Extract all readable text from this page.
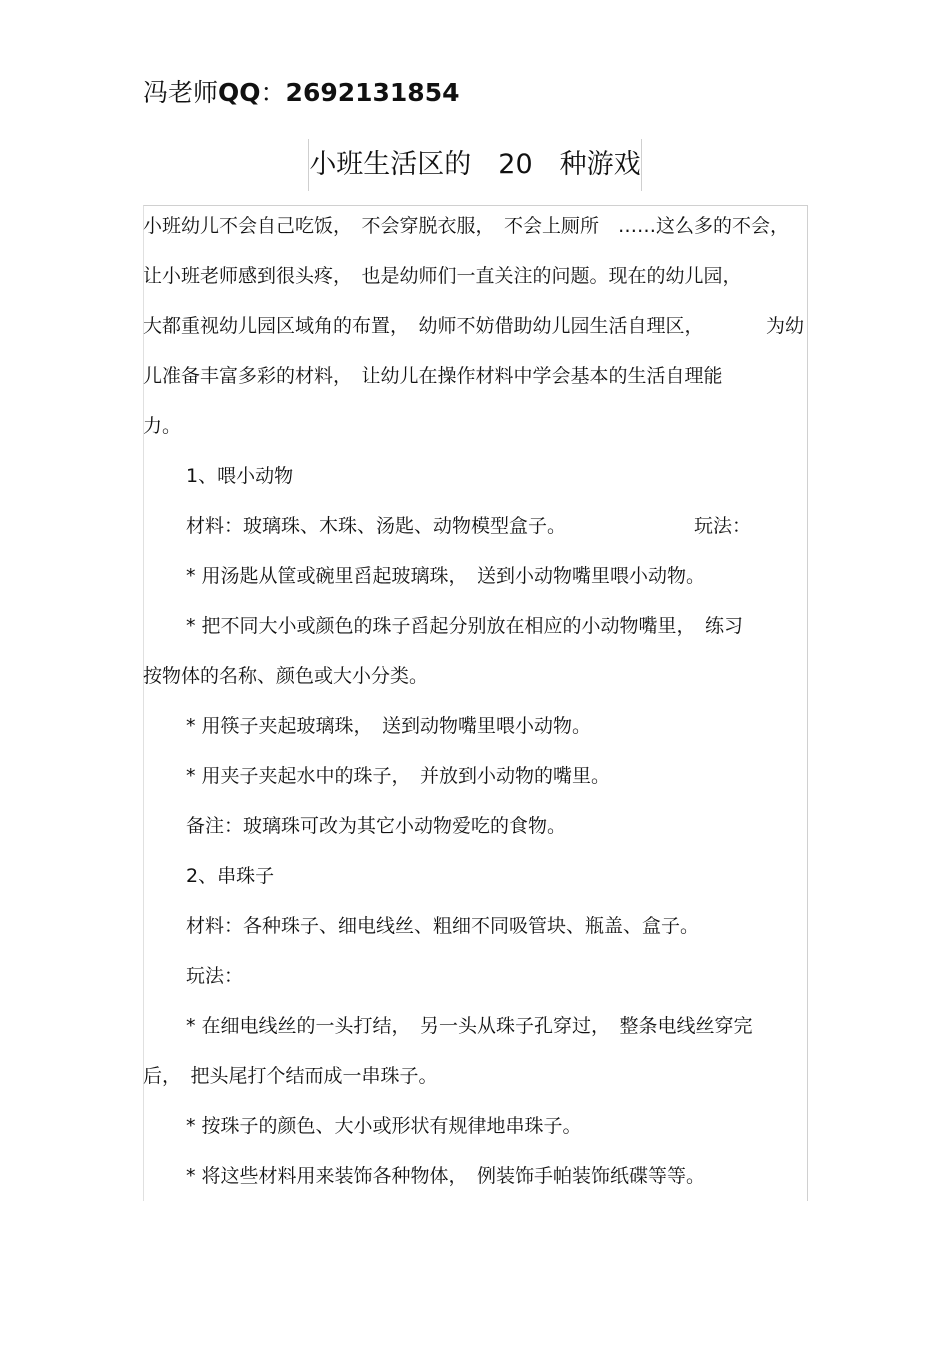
冯老师QQ：2692131854
小班生活区的　20　种游戏
小班幼儿不会自己吃饭，　不会穿脱衣服，　不会上厕所　……这么多的不会，
让小班老师感到很头疼，　也是幼师们一直关注的问题。现在的幼儿园，
大都重视幼儿园区域角的布置，　幼师不妨借助幼儿园生活自理区，	为幼
儿准备丰富多彩的材料，　让幼儿在操作材料中学会基本的生活自理能
力。
1、喂小动物
材料：玻璃珠、木珠、汤匙、动物模型盒子。	玩法：
* 用汤匙从筐或碗里舀起玻璃珠，　送到小动物嘴里喂小动物。
* 把不同大小或颜色的珠子舀起分别放在相应的小动物嘴里，　练习
按物体的名称、颜色或大小分类。
* 用筷子夹起玻璃珠，　送到动物嘴里喂小动物。
* 用夹子夹起水中的珠子，　并放到小动物的嘴里。
备注：玻璃珠可改为其它小动物爱吃的食物。
2、串珠子
材料：各种珠子、细电线丝、粗细不同吸管块、瓶盖、盒子。
玩法：
* 在细电线丝的一头打结，　另一头从珠子孔穿过，　整条电线丝穿完
后，　把头尾打个结而成一串珠子。
* 按珠子的颜色、大小或形状有规律地串珠子。
* 将这些材料用来装饰各种物体，　例装饰手帕装饰纸碟等等。
